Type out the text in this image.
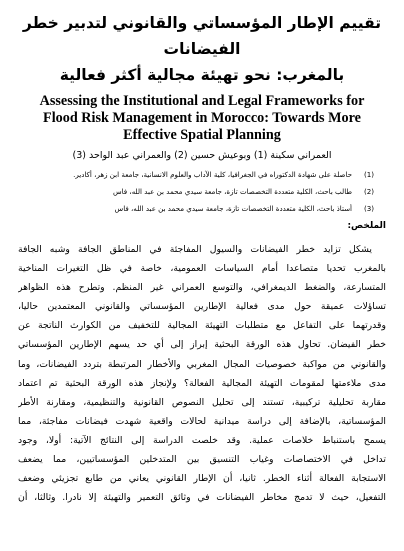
تقييم الإطار المؤسساتي والقانوني لتدبير خطر الفيضانات
بالمغرب: نحو تهيئة مجالية أكثر فعالية
Assessing the Institutional and Legal Frameworks for
Flood Risk Management in Morocco: Towards More
Effective Spatial Planning
العمراني سكينة (1) وبوعيش حسين (2) والعمراني عبد الواحد (3)
(1)
حاصلة على شهادة الدكتوراه في الجغرافيا، كلية الآداب والعلوم الانسانية، جامعة ابن زهر، أكادير.
(2)
طالب باحث، الكلية متعددة التخصصات تازة، جامعة سيدي محمد بن عبد الله، فاس
(3)
أستاذ باحث، الكلية متعددة التخصصات تازة، جامعة سيدي محمد بن عبد الله، فاس
الملخص:

يشكل تزايد خطر الفيضانات والسيول المفاجئة في المناطق الجافة وشبه الجافة
بالمغرب تحديا متصاعدا أمام السياسات العمومية، خاصة في ظل التغيرات المناخية
المتسارعة، والضغط الديمغرافي، والتوسع العمراني غير المنظم. وتطرح هذه الظواهر
تساؤلات عميقة حول مدى فعالية الإطارين المؤسساتي والقانوني المعتمدين حاليا،
وقدرتهما على التفاعل مع متطلبات التهيئة المجالية للتخفيف من الكوارث الناتجة عن
خطر الفيضان. تحاول هذه الورقة البحثية إبراز إلى أي حد يسهم الإطارين المؤسساتي
والقانوني من مواكبة خصوصيات المجال المغربي والأخطار المرتبطة بتردد الفيضانات، وما
مدى ملاءمتها لمقومات التهيئة المجالية الفعالة؟ ولإنجاز هذه الورقة البحثية تم اعتماد
مقاربة تحليلية تركيبية، تستند إلى تحليل النصوص القانونية والتنظيمية، ومقارنة الأطر
المؤسساتية، بالإضافة إلى دراسة ميدانية لحالات واقعية شهدت فيضانات مفاجئة، مما
يسمح باستنباط خلاصات عملية. وقد خلصت الدراسة إلى النتائج الآتية: أولا، وجود
تداخل في الاختصاصات وغياب التنسيق بين المتدخلين المؤسساتيين، مما يضعف
الاستجابة الفعالة أثناء الخطر. ثانيا، أن الإطار القانوني يعاني من طابع تجزيئي وضعف
التفعيل، حيث لا تدمج مخاطر الفيضانات في وثائق التعمير والتهيئة إلا نادرا. وثالثا، أن
